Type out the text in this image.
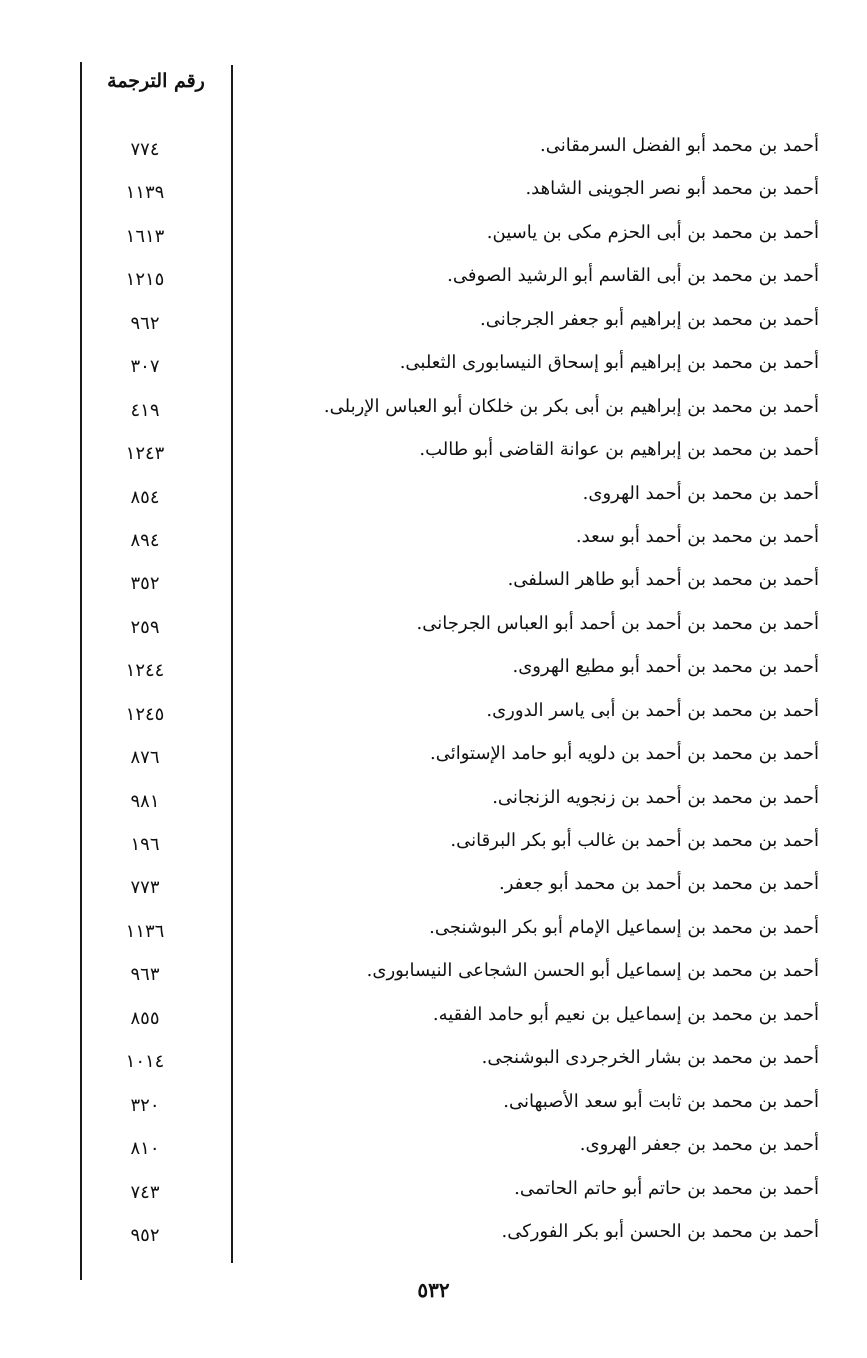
رقم الترجمة
أحمد بن محمد أبو الفضل السرمقانى.
٧٧٤
أحمد بن محمد أبو نصر الجوينى الشاهد.
١١٣٩
أحمد بن محمد بن أبى الحزم مكى بن ياسين.
١٦١٣
أحمد بن محمد بن أبى القاسم أبو الرشيد الصوفى.
١٢١٥
أحمد بن محمد بن إبراهيم أبو جعفر الجرجانى.
٩٦٢
أحمد بن محمد بن إبراهيم أبو إسحاق النيسابورى الثعلبى.
٣٠٧
أحمد بن محمد بن إبراهيم بن أبى بكر بن خلكان أبو العباس الإربلى.
٤١٩
أحمد بن محمد بن إبراهيم بن عوانة القاضى أبو طالب.
١٢٤٣
أحمد بن محمد بن أحمد الهروى.
٨٥٤
أحمد بن محمد بن أحمد أبو سعد.
٨٩٤
أحمد بن محمد بن أحمد أبو طاهر السلفى.
٣٥٢
أحمد بن محمد بن أحمد بن أحمد أبو العباس الجرجانى.
٢٥٩
أحمد بن محمد بن أحمد أبو مطيع الهروى.
١٢٤٤
أحمد بن محمد بن أحمد بن أبى ياسر الدورى.
١٢٤٥
أحمد بن محمد بن أحمد بن دلويه أبو حامد الإستوائى.
٨٧٦
أحمد بن محمد بن أحمد بن زنجويه الزنجانى.
٩٨١
أحمد بن محمد بن أحمد بن غالب أبو بكر البرقانى.
١٩٦
أحمد بن محمد بن أحمد بن محمد أبو جعفر.
٧٧٣
أحمد بن محمد بن إسماعيل الإمام أبو بكر البوشنجى.
١١٣٦
أحمد بن محمد بن إسماعيل أبو الحسن الشجاعى النيسابورى.
٩٦٣
أحمد بن محمد بن إسماعيل بن نعيم أبو حامد الفقيه.
٨٥٥
أحمد بن محمد بن بشار الخرجردى البوشنجى.
١٠١٤
أحمد بن محمد بن ثابت أبو سعد الأصبهانى.
٣٢٠
أحمد بن محمد بن جعفر الهروى.
٨١٠
أحمد بن محمد بن حاتم أبو حاتم الحاتمى.
٧٤٣
أحمد بن محمد بن الحسن أبو بكر الفوركى.
٩٥٢
٥٣٢
